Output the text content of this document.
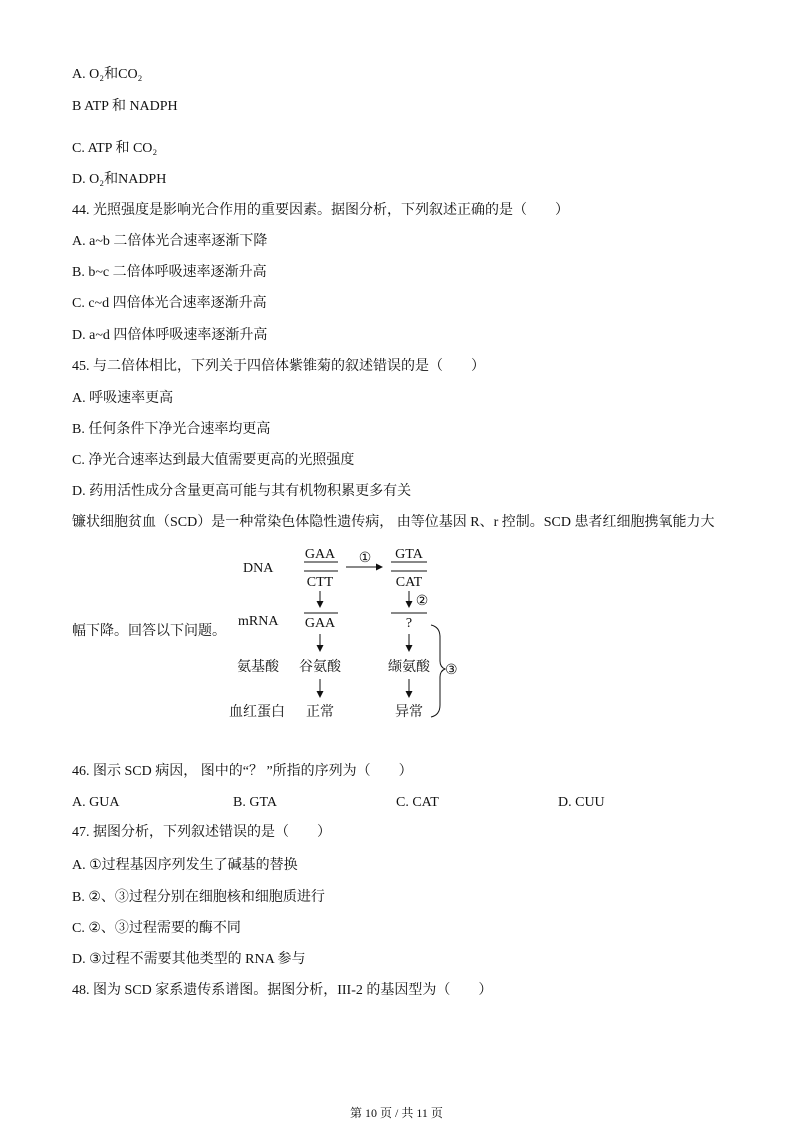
A. O₂和CO₂
B ATP 和 NADPH
C. ATP 和 CO₂
D. O₂和NADPH
44. 光照强度是影响光合作用的重要因素。据图分析，下列叙述正确的是（　　）
A. a~b 二倍体光合速率逐渐下降
B. b~c 二倍体呼吸速率逐渐升高
C. c~d 四倍体光合速率逐渐升高
D. a~d 四倍体呼吸速率逐渐升高
45. 与二倍体相比，下列关于四倍体紫锥菊的叙述错误的是（　　）
A. 呼吸速率更高
B. 任何条件下净光合速率均更高
C. 净光合速率达到最大值需要更高的光照强度
D. 药用活性成分含量更高可能与其有机物积累更多有关
镰状细胞贫血（SCD）是一种常染色体隐性遗传病， 由等位基因 R、r 控制。SCD 患者红细胞携氧能力大
幅下降。回答以下问题。
DNA
mRNA
氨基酸
血红蛋白
GAA
CTT
GAA
谷氨酸
正常
① GTA
CAT
②
?
缬氨酸
异常
③
46. 图示 SCD 病因， 图中的“？ ”所指的序列为（　　）
A. GUA	B. GTA	C. CAT	D. CUU
47. 据图分析，下列叙述错误的是（　　）
A. ①过程基因序列发生了碱基的替换
B. ②、③过程分别在细胞核和细胞质进行
C. ②、③过程需要的酶不同
D. ③过程不需要其他类型的 RNA 参与
48. 图为 SCD 家系遗传系谱图。据图分析，III-2 的基因型为（　　）
第 10 页 / 共 11 页
